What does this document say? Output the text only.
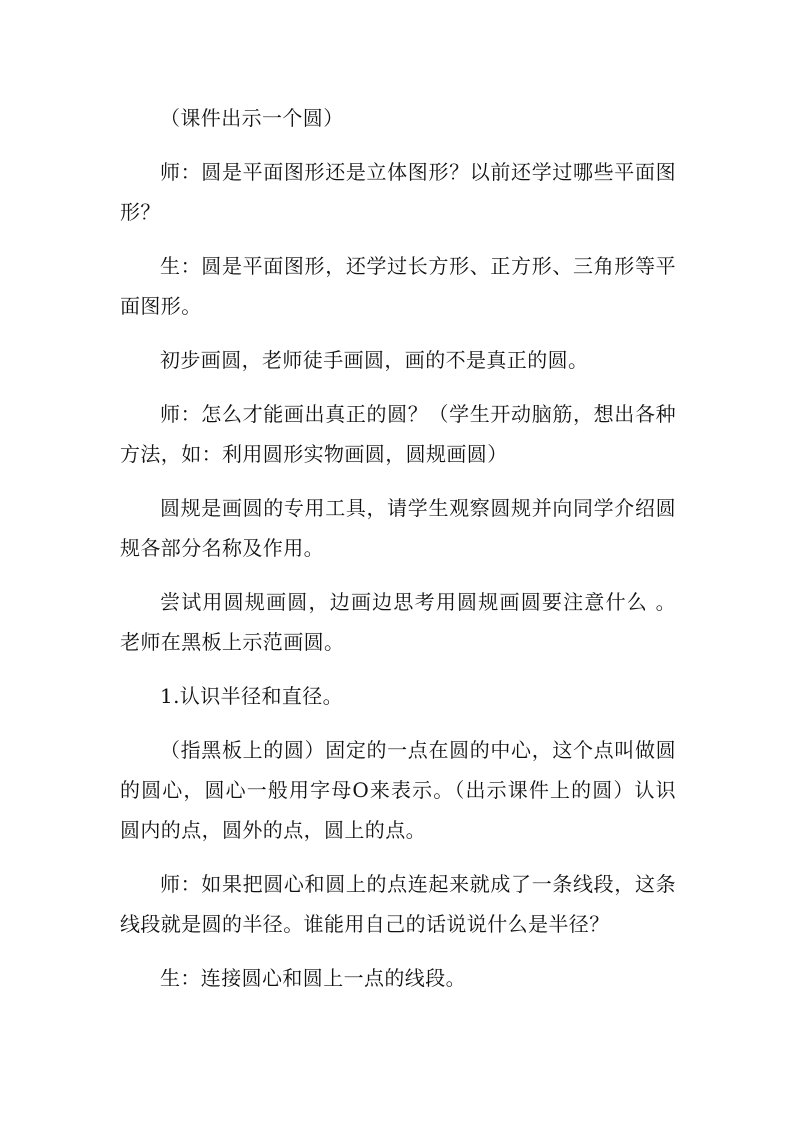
（课件出示一个圆）

师：圆是平面图形还是立体图形？以前还学过哪些平面图形？

生：圆是平面图形，还学过长方形、正方形、三角形等平面图形。

初步画圆，老师徒手画圆，画的不是真正的圆。

师：怎么才能画出真正的圆？（学生开动脑筋，想出各种方法，如：利用圆形实物画圆，圆规画圆）

圆规是画圆的专用工具，请学生观察圆规并向同学介绍圆规各部分名称及作用。

尝试用圆规画圆，边画边思考用圆规画圆要注意什么 。老师在黑板上示范画圆。

1.认识半径和直径。

（指黑板上的圆）固定的一点在圆的中心，这个点叫做圆的圆心，圆心一般用字母O来表示。（出示课件上的圆）认识圆内的点，圆外的点，圆上的点。

师：如果把圆心和圆上的点连起来就成了一条线段，这条线段就是圆的半径。谁能用自己的话说说什么是半径？

生：连接圆心和圆上一点的线段。
